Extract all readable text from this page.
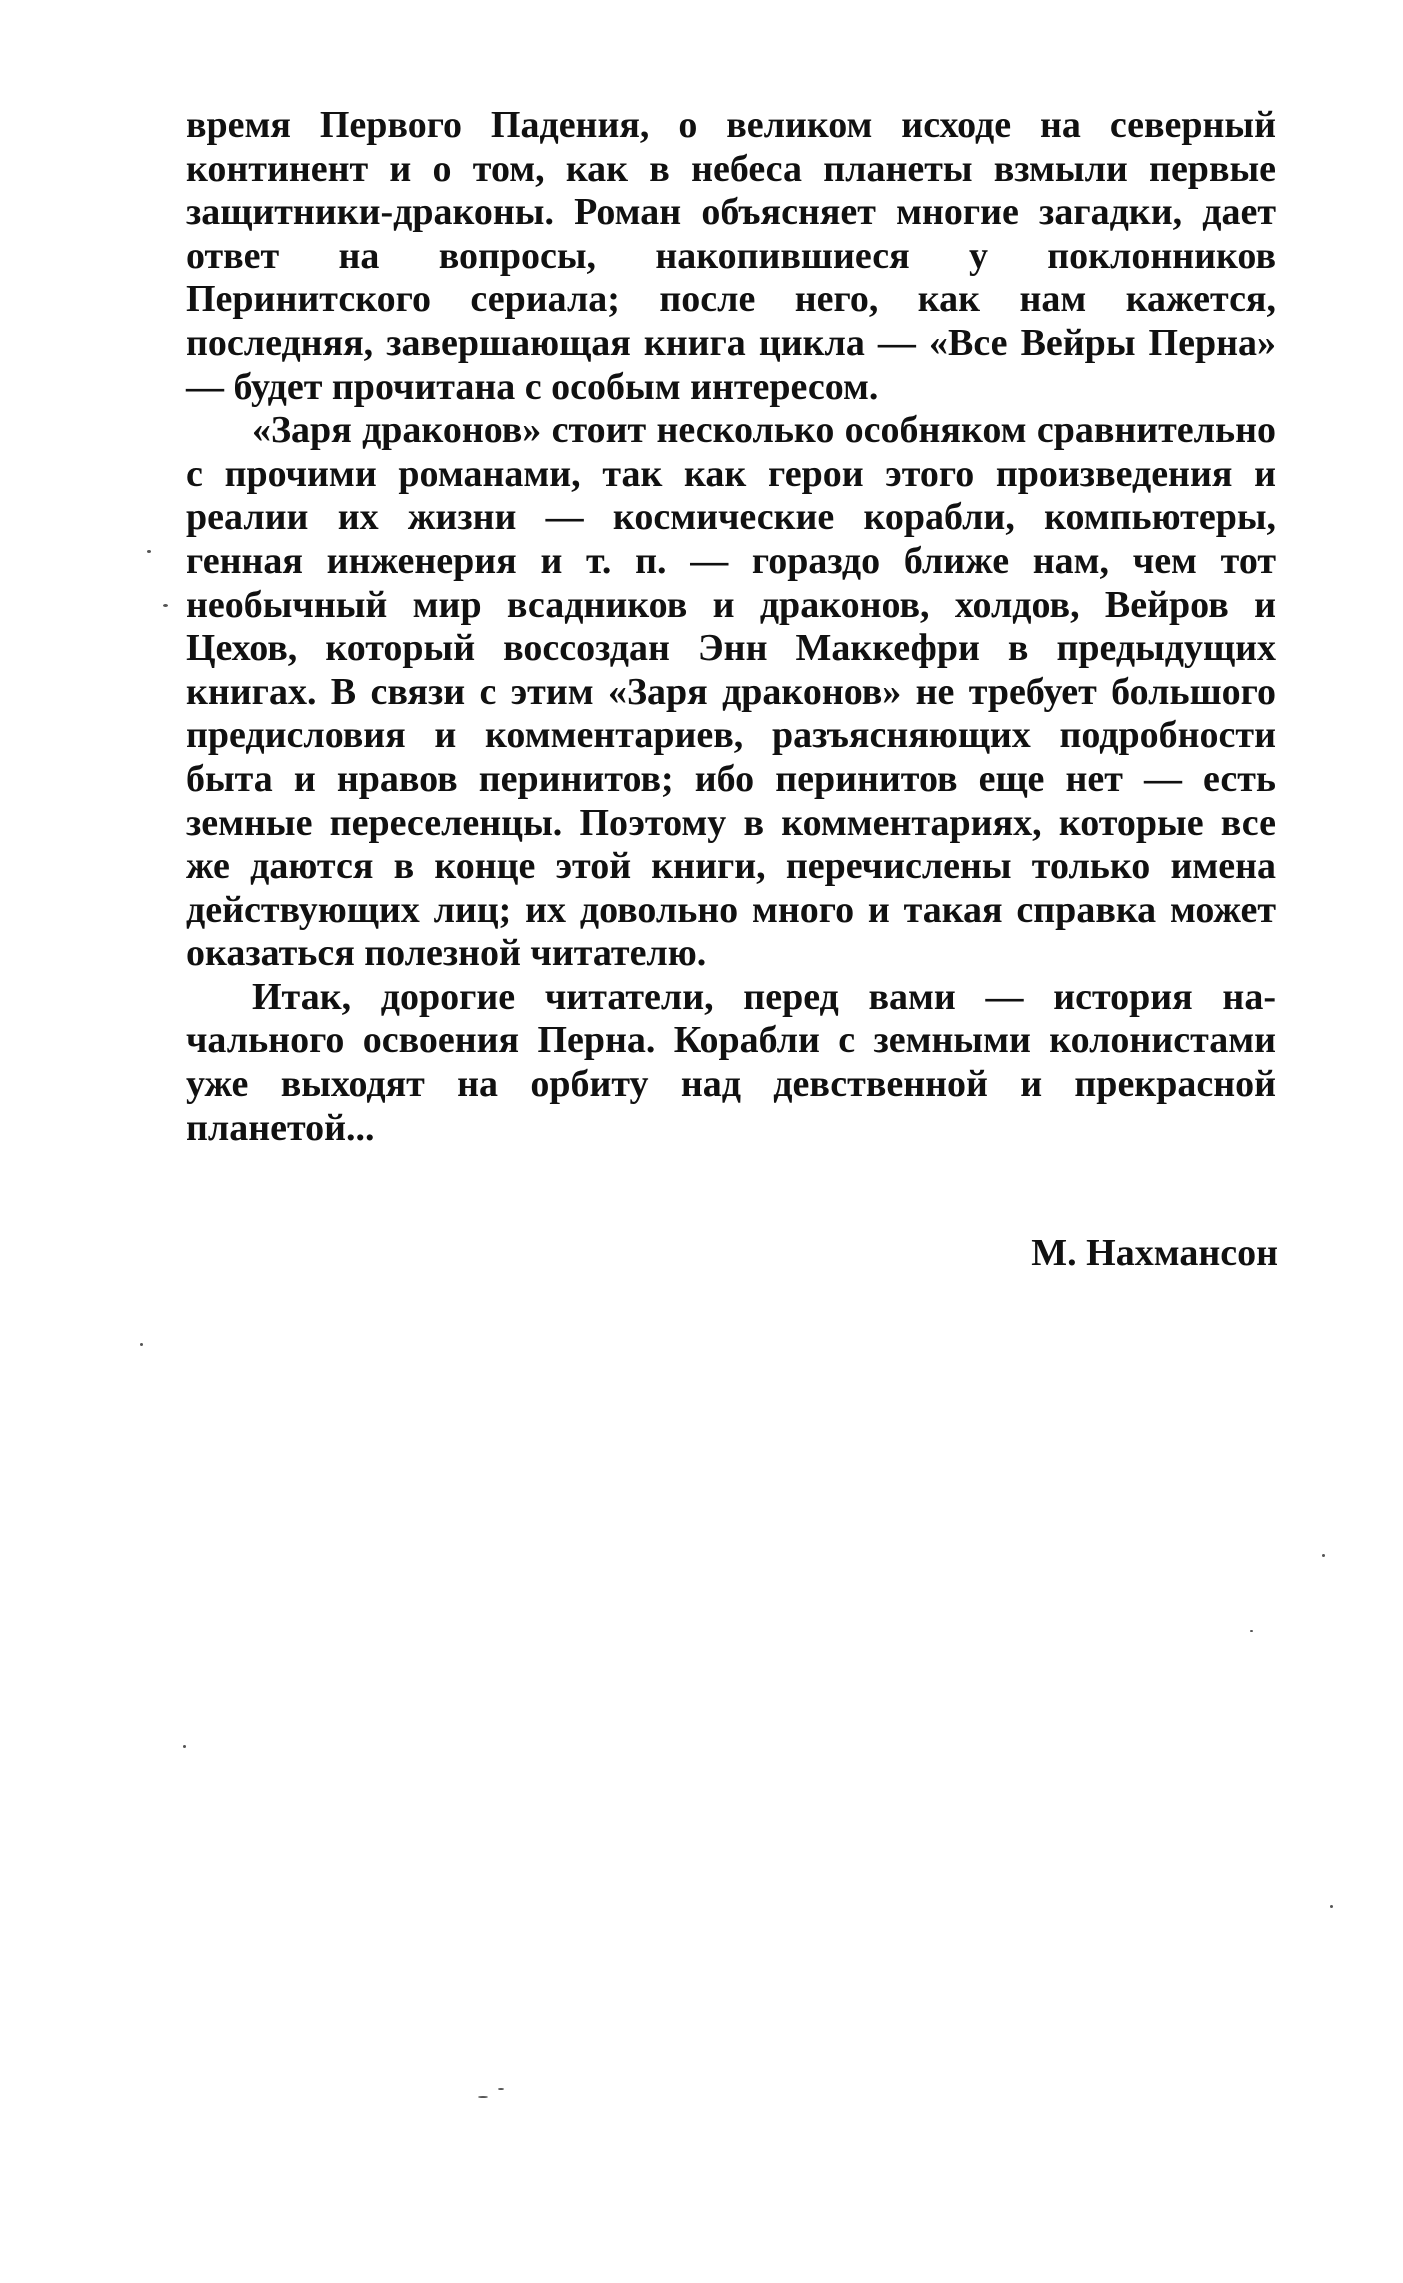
время Первого Падения, о великом исходе на северный континент и о том, как в небеса планеты взмыли первые защитники-драконы. Роман объясняет многие загадки, дает ответ на вопросы, накопившиеся у поклонников Перинитского сериала; после него, как нам кажется, последняя, завершающая книга цикла — «Все Вейры Перна» — будет прочитана с особым интересом.

«Заря драконов» стоит несколько особняком сравнительно с прочими романами, так как герои этого произведения и реалии их жизни — космические корабли, компьютеры, генная инженерия и т. п. — гораздо ближе нам, чем тот необычный мир всадников и драконов, холдов, Вейров и Цехов, который воссоздан Энн Маккефри в предыдущих книгах. В связи с этим «Заря драконов» не требует большого предисловия и комментариев, разъясняющих подробности быта и нравов перинитов; ибо перинитов еще нет — есть земные переселенцы. Поэтому в комментариях, которые все же даются в конце этой книги, перечислены только имена действующих лиц; их довольно много и такая справка может оказаться полезной читателю.

Итак, дорогие читатели, перед вами — история начального освоения Перна. Корабли с земными колонистами уже выходят на орбиту над девственной и прекрасной планетой...

М. Нахмансон
